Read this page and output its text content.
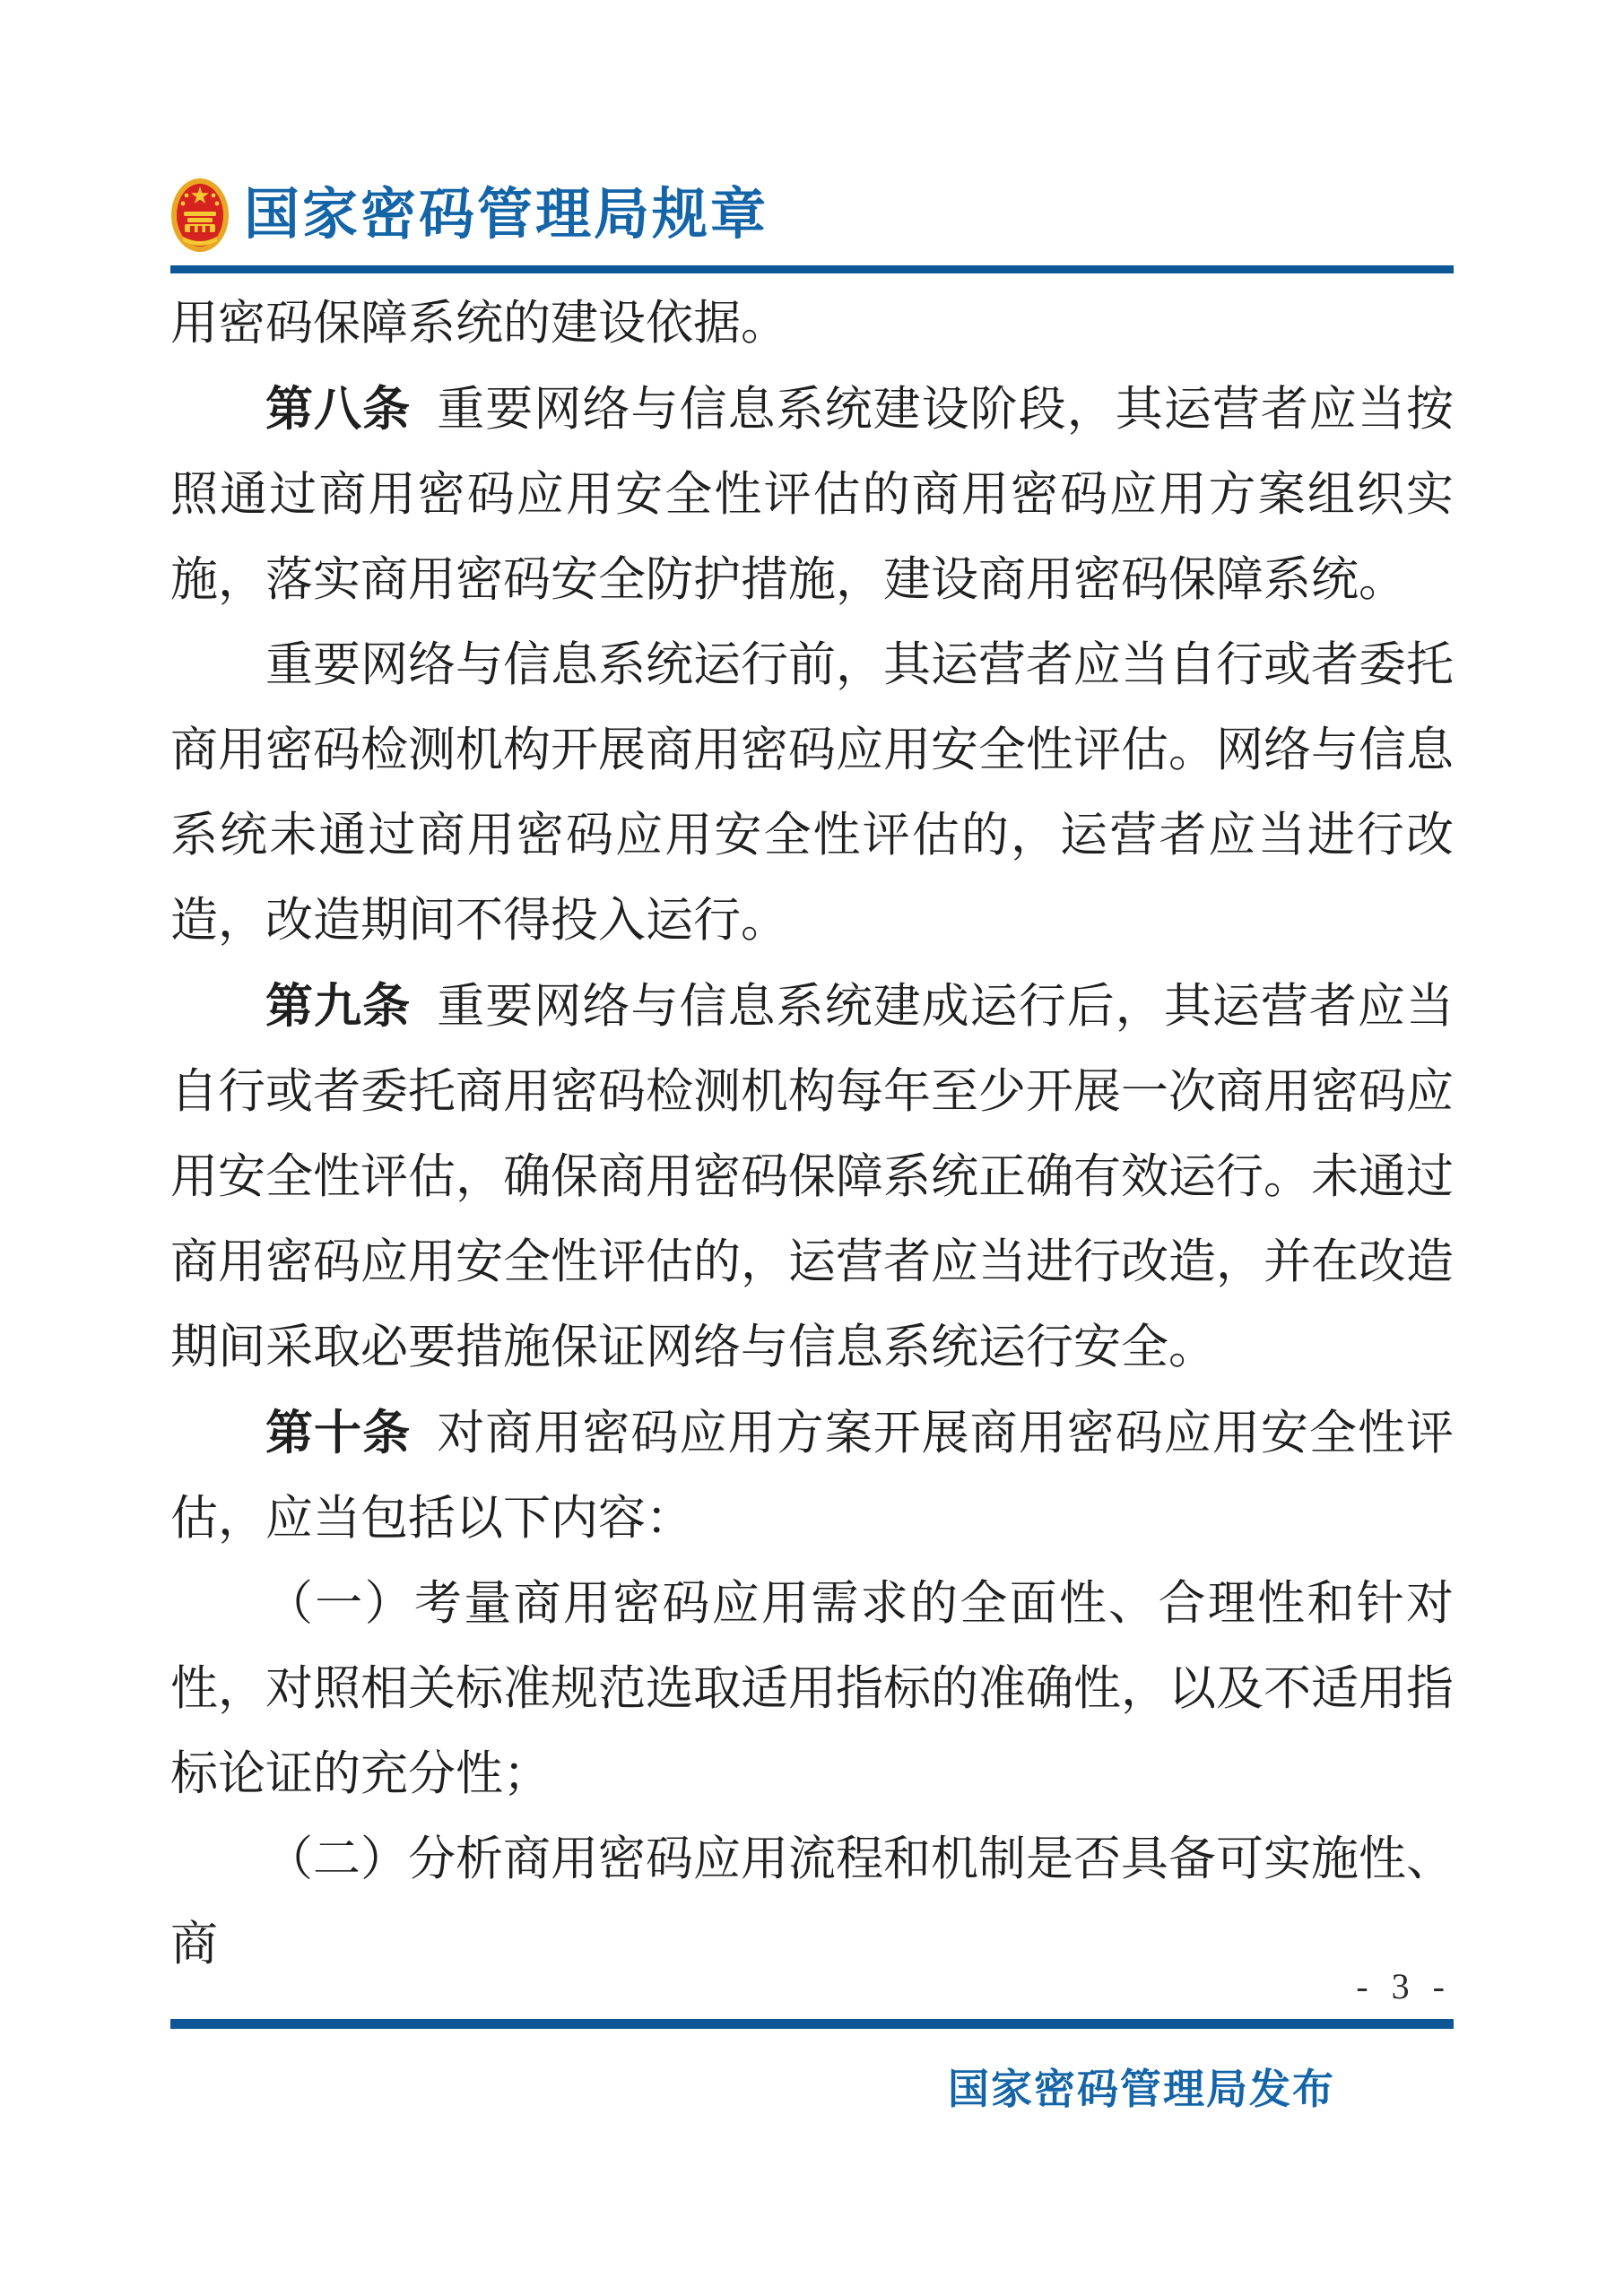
国家密码管理局规章

用密码保障系统的建设依据。

第八条 重要网络与信息系统建设阶段，其运营者应当按照通过商用密码应用安全性评估的商用密码应用方案组织实施，落实商用密码安全防护措施，建设商用密码保障系统。

重要网络与信息系统运行前，其运营者应当自行或者委托商用密码检测机构开展商用密码应用安全性评估。网络与信息系统未通过商用密码应用安全性评估的，运营者应当进行改造，改造期间不得投入运行。

第九条 重要网络与信息系统建成运行后，其运营者应当自行或者委托商用密码检测机构每年至少开展一次商用密码应用安全性评估，确保商用密码保障系统正确有效运行。未通过商用密码应用安全性评估的，运营者应当进行改造，并在改造期间采取必要措施保证网络与信息系统运行安全。

第十条 对商用密码应用方案开展商用密码应用安全性评估，应当包括以下内容：

（一）考量商用密码应用需求的全面性、合理性和针对性，对照相关标准规范选取适用指标的准确性，以及不适用指标论证的充分性；

（二）分析商用密码应用流程和机制是否具备可实施性、商

- 3 -
国家密码管理局发布
